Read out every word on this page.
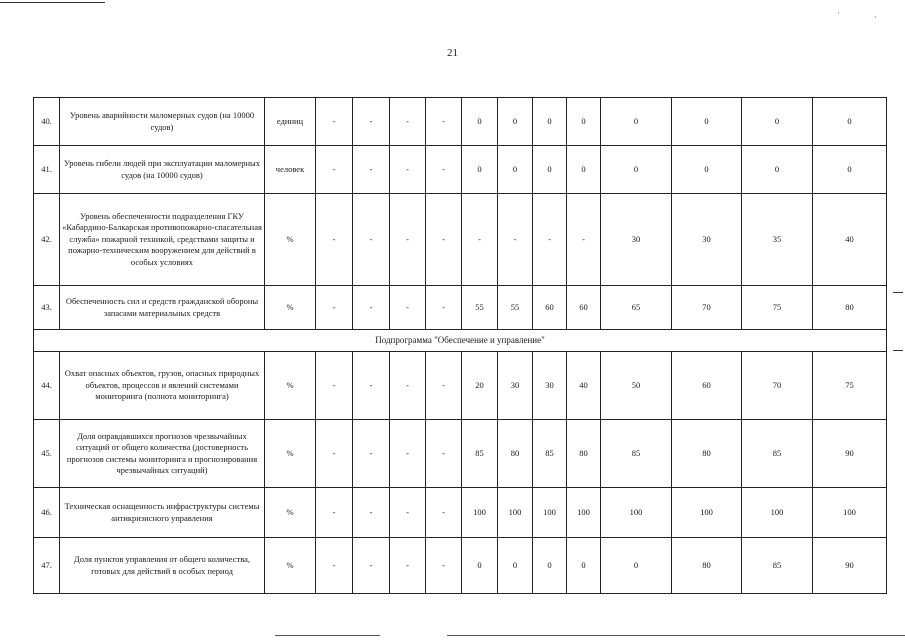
·	·
21
40.	Уровень аварийности маломерных судов (на 10000 судов)	единиц	-	-	-	-	0	0	0	0	0	0	0	0
41.	Уровень гибели людей при эксплуатации маломерных судов (на 10000 судов)	человек	-	-	-	-	0	0	0	0	0	0	0	0
42.	Уровень обеспеченности подразделения ГКУ «Кабардино-Балкарская противопожарно-спасательная служба» пожарной техникой, средствами защиты и пожарно-техническим вооружением для действий в особых условиях	%	-	-	-	-	-	-	-	-	30	30	35	40
43.	Обеспеченность сил и средств гражданской обороны запасами материальных средств	%	-	-	-	-	55	55	60	60	65	70	75	80
Подпрограмма "Обеспечение и управление"														
44.	Охват опасных объектов, грузов, опасных природных объектов, процессов и явлений системами мониторинга (полнота мониторинга)	%	-	-	-	-	20	30	30	40	50	60	70	75
45.	Доля оправдавшихся прогнозов чрезвычайных ситуаций от общего количества (достоверность прогнозов системы мониторинга и прогнозирования чрезвычайных ситуаций)	%	-	-	-	-	85	80	85	80	85	80	85	90
46.	Техническая оснащенность инфраструктуры системы антикризисного управления	%	-	-	-	-	100	100	100	100	100	100	100	100
47.	Доля пунктов управления от общего количества, готовых для действий в особых период	%	-	-	-	-	0	0	0	0	0	80	85	90
